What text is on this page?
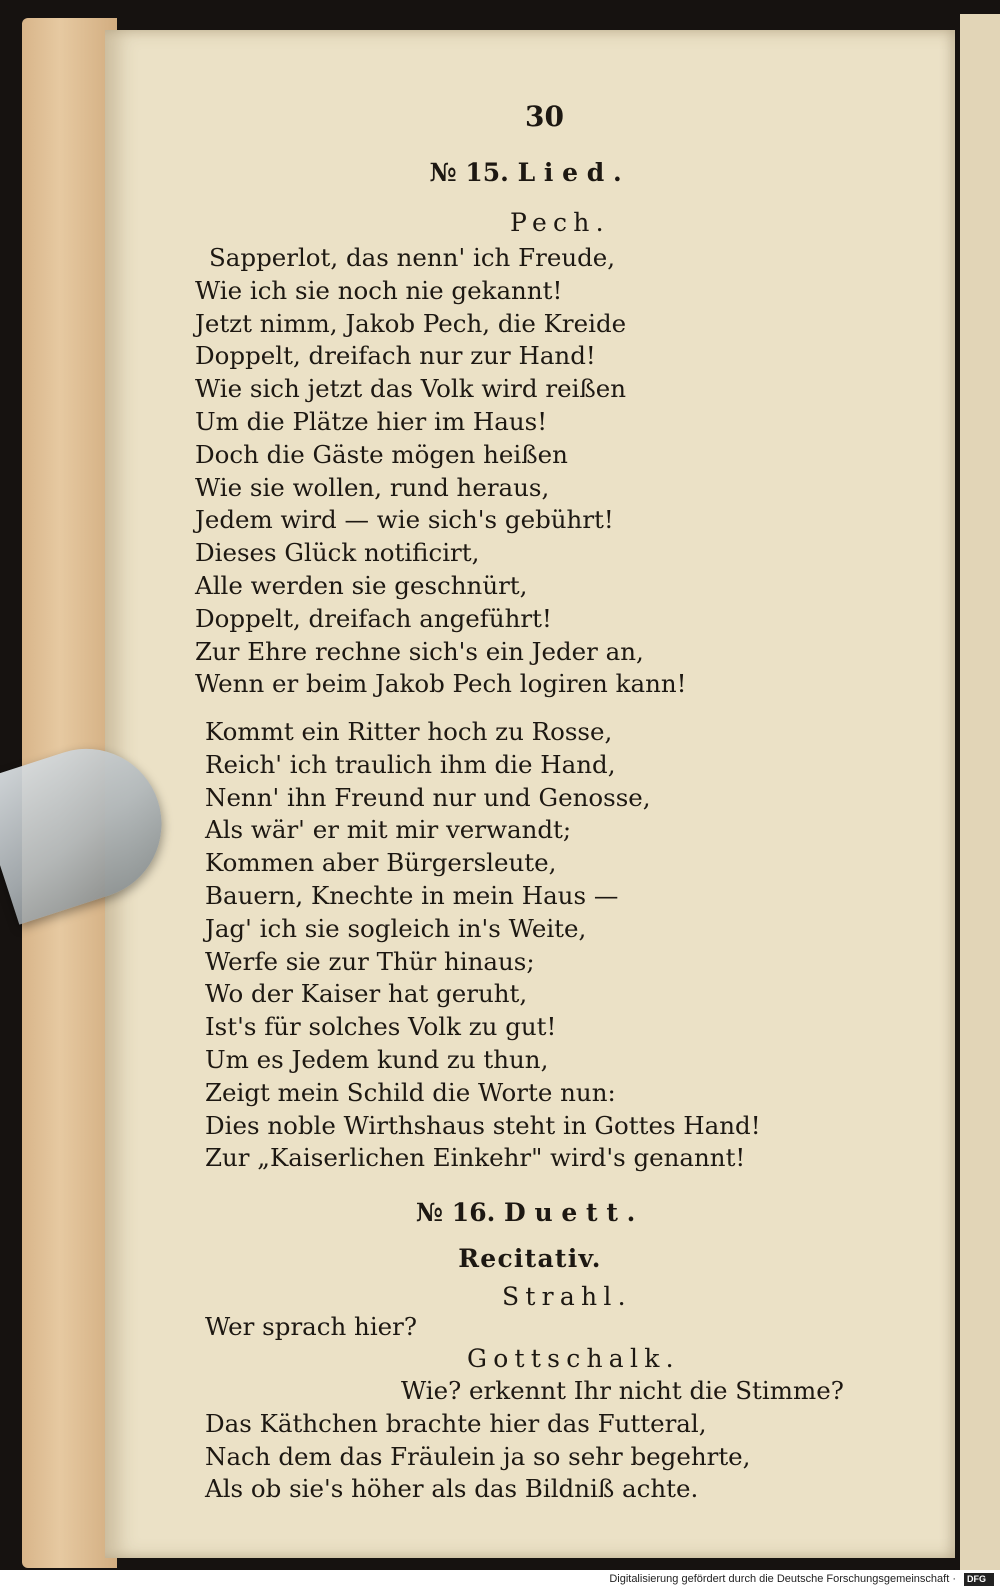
30
№ 15. Lied.
Pech.
Sapperlot, das nenn' ich Freude,
Wie ich sie noch nie gekannt!
Jetzt nimm, Jakob Pech, die Kreide
Doppelt, dreifach nur zur Hand!
Wie sich jetzt das Volk wird reißen
Um die Plätze hier im Haus!
Doch die Gäste mögen heißen
Wie sie wollen, rund heraus,
Jedem wird — wie sich's gebührt!
Dieses Glück notificirt,
Alle werden sie geschnürt,
Doppelt, dreifach angeführt!
Zur Ehre rechne sich's ein Jeder an,
Wenn er beim Jakob Pech logiren kann!
Kommt ein Ritter hoch zu Rosse,
Reich' ich traulich ihm die Hand,
Nenn' ihn Freund nur und Genosse,
Als wär' er mit mir verwandt;
Kommen aber Bürgersleute,
Bauern, Knechte in mein Haus —
Jag' ich sie sogleich in's Weite,
Werfe sie zur Thür hinaus;
Wo der Kaiser hat geruht,
Ist's für solches Volk zu gut!
Um es Jedem kund zu thun,
Zeigt mein Schild die Worte nun:
Dies noble Wirthshaus steht in Gottes Hand!
Zur „Kaiserlichen Einkehr" wird's genannt!
№ 16. Duett.
Recitativ.
Strahl.
Wer sprach hier?
Gottschalk.
Wie? erkennt Ihr nicht die Stimme?
Das Käthchen brachte hier das Futteral,
Nach dem das Fräulein ja so sehr begehrte,
Als ob sie's höher als das Bildniß achte.
Digitalisierung gefördert durch die Deutsche Forschungsgemeinschaft · DFG
